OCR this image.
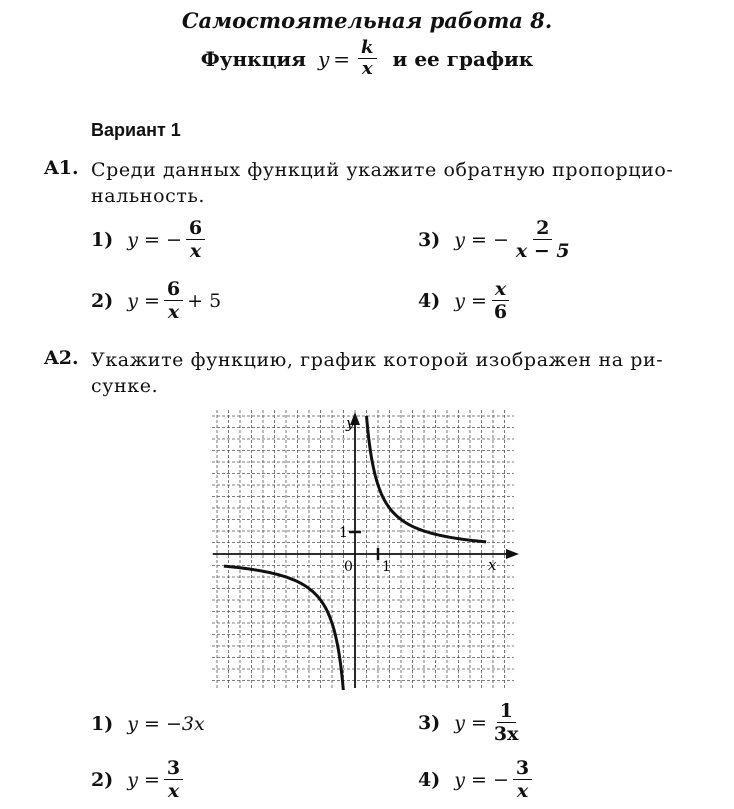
Самостоятельная работа 8.
Функция $y = \frac{k}{x}$ и ее график
Вариант 1
A1. Среди данных функций укажите обратную пропорцио-
нальность.
1) y = − $\frac{6}{x}$
2) $y = \frac{6}{x} + 5$
3) y = − $\frac{2}{x - 5}$
4) $y = \frac{x}{6}$
A2. Укажите функцию, график которой изображен на ри-
сунке.
y
x
0 1
1
1) y = −3x
2) $y = \frac{3}{x}$
3) $y = \frac{1}{3x}$
4) y = − $\frac{3}{x}$
